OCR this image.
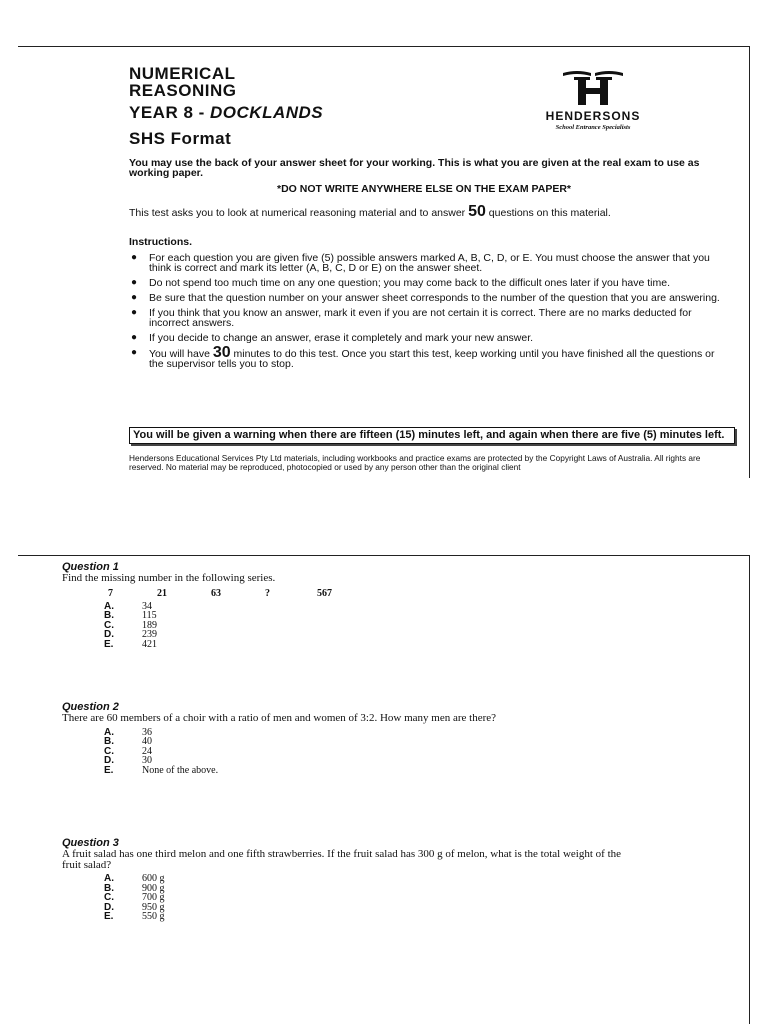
NUMERICAL
REASONING
YEAR 8 - DOCKLANDS
SHS Format
HENDERSONS
School Entrance Specialists
You may use the back of your answer sheet for your working. This is what you are given at the real exam to use as working paper.
*DO NOT WRITE ANYWHERE ELSE ON THE EXAM PAPER*
This test asks you to look at numerical reasoning material and to answer 50 questions on this material.
Instructions.
● For each question you are given five (5) possible answers marked A, B, C, D, or E. You must choose the answer that you think is correct and mark its letter (A, B, C, D or E) on the answer sheet.
● Do not spend too much time on any one question; you may come back to the difficult ones later if you have time.
● Be sure that the question number on your answer sheet corresponds to the number of the question that you are answering.
● If you think that you know an answer, mark it even if you are not certain it is correct. There are no marks deducted for incorrect answers.
● If you decide to change an answer, erase it completely and mark your new answer.
● You will have 30 minutes to do this test. Once you start this test, keep working until you have finished all the questions or the supervisor tells you to stop.
You will be given a warning when there are fifteen (15) minutes left, and again when there are five (5) minutes left.
Hendersons Educational Services Pty Ltd materials, including workbooks and practice exams are protected by the Copyright Laws of Australia. All rights are reserved. No material may be reproduced, photocopied or used by any person other than the original client
Question 1
Find the missing number in the following series.
7	21	63	?	567
A.	34
B.	115
C.	189
D.	239
E.	421
Question 2
There are 60 members of a choir with a ratio of men and women of 3:2. How many men are there?
A.	36
B.	40
C.	24
D.	30
E.	None of the above.
Question 3
A fruit salad has one third melon and one fifth strawberries. If the fruit salad has 300 g of melon, what is the total weight of the fruit salad?
A.	600 g
B.	900 g
C.	700 g
D.	950 g
E.	550 g
